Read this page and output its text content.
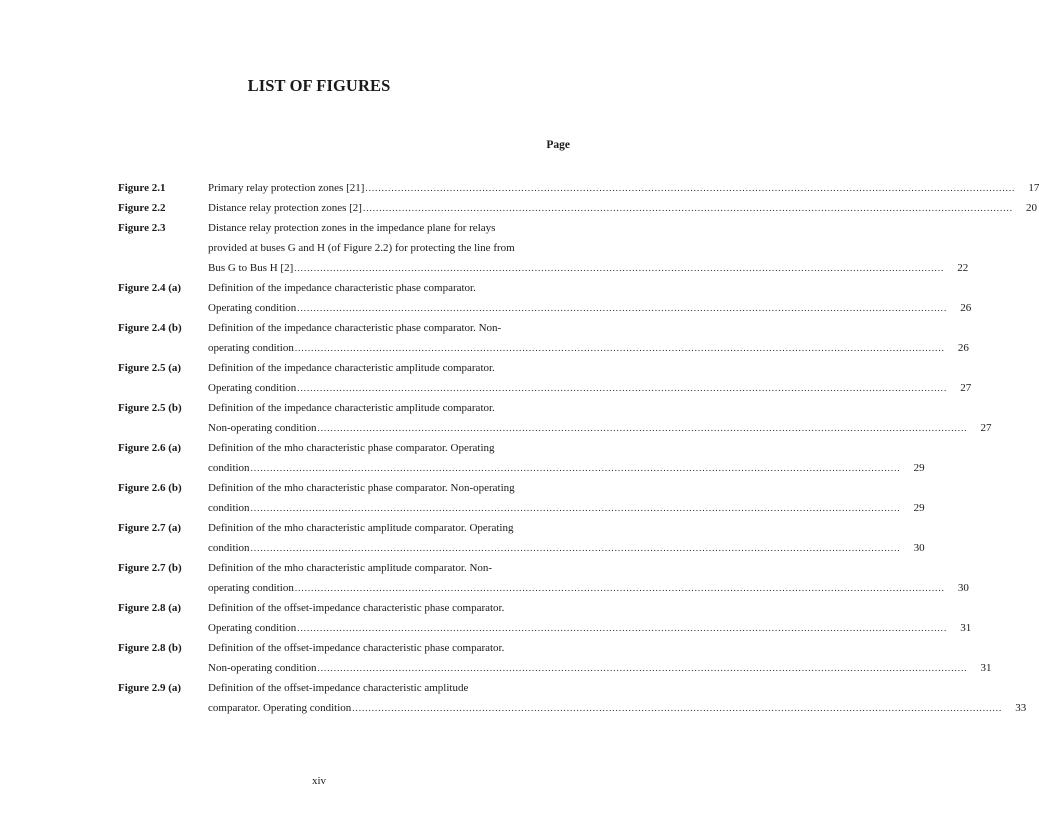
LIST OF FIGURES
Page
Figure 2.1	Primary relay protection zones [21] .....	17
Figure 2.2	Distance relay protection zones [2] .....	20
Figure 2.3	Distance relay protection zones in the impedance plane for relays
provided at buses G and H (of Figure 2.2) for protecting the line from
Bus G to Bus H [2] .....	22
Figure 2.4 (a)	Definition of the impedance characteristic phase comparator.
Operating condition .....	26
Figure 2.4 (b)	Definition of the impedance characteristic phase comparator. Non-
operating condition .....	26
Figure 2.5 (a)	Definition of the impedance characteristic amplitude comparator.
Operating condition .....	27
Figure 2.5 (b)	Definition of the impedance characteristic amplitude comparator.
Non-operating condition .....	27
Figure 2.6 (a)	Definition of the mho characteristic phase comparator. Operating
condition .....	29
Figure 2.6 (b)	Definition of the mho characteristic phase comparator. Non-operating
condition .....	29
Figure 2.7 (a)	Definition of the mho characteristic amplitude comparator. Operating
condition .....	30
Figure 2.7 (b)	Definition of the mho characteristic amplitude comparator. Non-
operating condition .....	30
Figure 2.8 (a)	Definition of the offset-impedance characteristic phase comparator.
Operating condition .....	31
Figure 2.8 (b)	Definition of the offset-impedance characteristic phase comparator.
Non-operating condition .....	31
Figure 2.9 (a)	Definition of the offset-impedance characteristic amplitude
comparator. Operating condition .....	33
xiv
